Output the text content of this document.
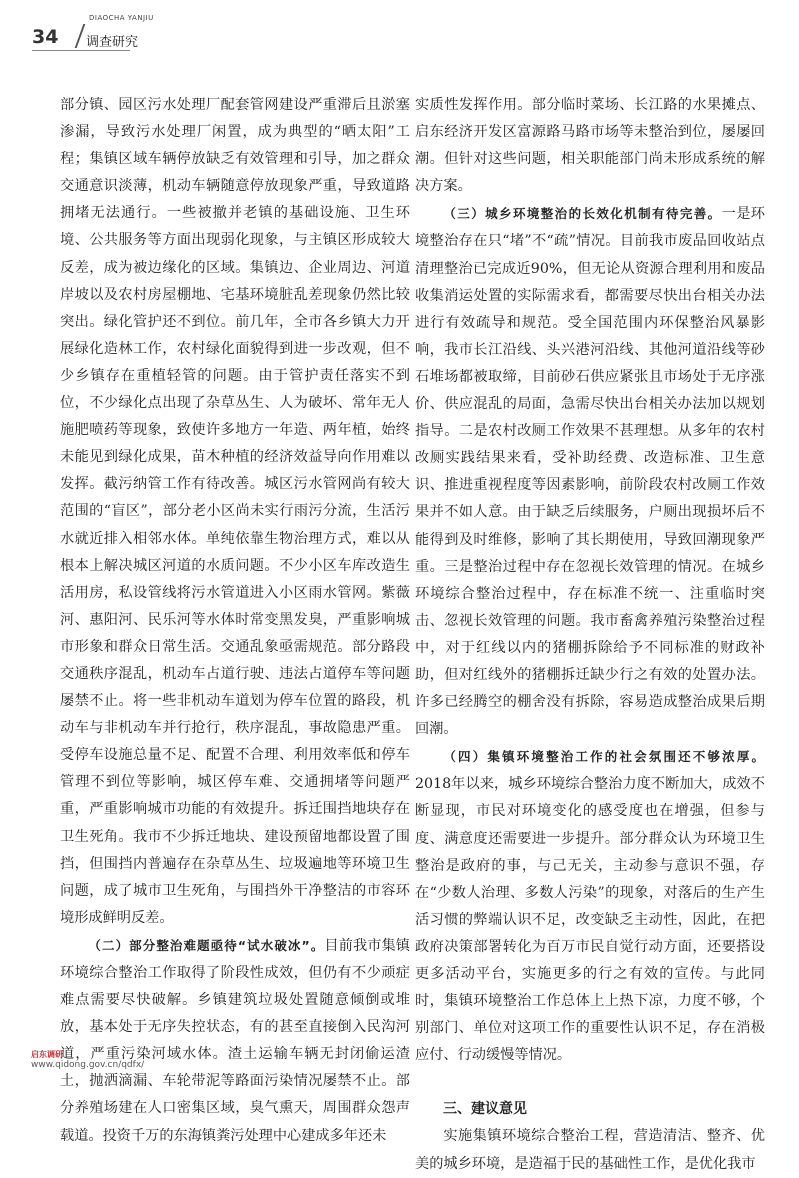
34
DIAOCHA YANJIU
调查研究

部分镇、园区污水处理厂配套管网建设严重滞后且淤塞渗漏，导致污水处理厂闲置，成为典型的“晒太阳”工程；集镇区域车辆停放缺乏有效管理和引导，加之群众交通意识淡薄，机动车辆随意停放现象严重，导致道路拥堵无法通行。一些被撤并老镇的基础设施、卫生环境、公共服务等方面出现弱化现象，与主镇区形成较大反差，成为被边缘化的区域。集镇边、企业周边、河道岸坡以及农村房屋棚地、宅基环境脏乱差现象仍然比较突出。绿化管护还不到位。前几年，全市各乡镇大力开展绿化造林工作，农村绿化面貌得到进一步改观，但不少乡镇存在重植轻管的问题。由于管护责任落实不到位，不少绿化点出现了杂草丛生、人为破坏、常年无人施肥喷药等现象，致使许多地方一年造、两年植，始终未能见到绿化成果，苗木种植的经济效益导向作用难以发挥。截污纳管工作有待改善。城区污水管网尚有较大范围的“盲区”，部分老小区尚未实行雨污分流，生活污水就近排入相邻水体。单纯依靠生物治理方式，难以从根本上解决城区河道的水质问题。不少小区车库改造生活用房，私设管线将污水管道进入小区雨水管网。紫薇河、惠阳河、民乐河等水体时常变黑发臭，严重影响城市形象和群众日常生活。交通乱象亟需规范。部分路段交通秩序混乱，机动车占道行驶、违法占道停车等问题屡禁不止。将一些非机动车道划为停车位置的路段，机动车与非机动车并行抢行，秩序混乱，事故隐患严重。受停车设施总量不足、配置不合理、利用效率低和停车管理不到位等影响，城区停车难、交通拥堵等问题严重，严重影响城市功能的有效提升。拆迁围挡地块存在卫生死角。我市不少拆迁地块、建设预留地都设置了围挡，但围挡内普遍存在杂草丛生、垃圾遍地等环境卫生问题，成了城市卫生死角，与围挡外干净整洁的市容环境形成鲜明反差。

（二）部分整治难题亟待“试水破冰”。目前我市集镇环境综合整治工作取得了阶段性成效，但仍有不少顽症难点需要尽快破解。乡镇建筑垃圾处置随意倾倒或堆放，基本处于无序失控状态，有的甚至直接倒入民沟河道，严重污染河域水体。渣土运输车辆无封闭偷运渣土，抛洒滴漏、车轮带泥等路面污染情况屡禁不止。部分养殖场建在人口密集区域，臭气熏天，周围群众怨声载道。投资千万的东海镇粪污处理中心建成多年还未

实质性发挥作用。部分临时菜场、长江路的水果摊点、启东经济开发区富源路马路市场等未整治到位，屡屡回潮。但针对这些问题，相关职能部门尚未形成系统的解决方案。

（三）城乡环境整治的长效化机制有待完善。一是环境整治存在只“堵”不“疏”情况。目前我市废品回收站点清理整治已完成近90%，但无论从资源合理利用和废品收集消运处置的实际需求看，都需要尽快出台相关办法进行有效疏导和规范。受全国范围内环保整治风暴影响，我市长江沿线、头兴港河沿线、其他河道沿线等砂石堆场都被取缔，目前砂石供应紧张且市场处于无序涨价、供应混乱的局面，急需尽快出台相关办法加以规划指导。二是农村改厕工作效果不甚理想。从多年的农村改厕实践结果来看，受补助经费、改造标准、卫生意识、推进重视程度等因素影响，前阶段农村改厕工作效果并不如人意。由于缺乏后续服务，户厕出现损坏后不能得到及时维修，影响了其长期使用，导致回潮现象严重。三是整治过程中存在忽视长效管理的情况。在城乡环境综合整治过程中，存在标准不统一、注重临时突击、忽视长效管理的问题。我市畜禽养殖污染整治过程中，对于红线以内的猪棚拆除给予不同标准的财政补助，但对红线外的猪棚拆迁缺少行之有效的处置办法。许多已经腾空的棚舍没有拆除，容易造成整治成果后期回潮。

（四）集镇环境整治工作的社会氛围还不够浓厚。2018年以来，城乡环境综合整治力度不断加大，成效不断显现，市民对环境变化的感受度也在增强，但参与度、满意度还需要进一步提升。部分群众认为环境卫生整治是政府的事，与己无关，主动参与意识不强，存在“少数人治理、多数人污染”的现象，对落后的生产生活习惯的弊端认识不足，改变缺乏主动性，因此，在把政府决策部署转化为百万市民自觉行动方面，还要搭设更多活动平台，实施更多的行之有效的宣传。与此同时，集镇环境整治工作总体上上热下凉，力度不够，个别部门、单位对这项工作的重要性认识不足，存在消极应付、行动缓慢等情况。

三、建议意见

实施集镇环境综合整治工程，营造清洁、整齐、优美的城乡环境，是造福于民的基础性工作，是优化我市

启东调研
www.qidong.gov.cn/qdfx/
